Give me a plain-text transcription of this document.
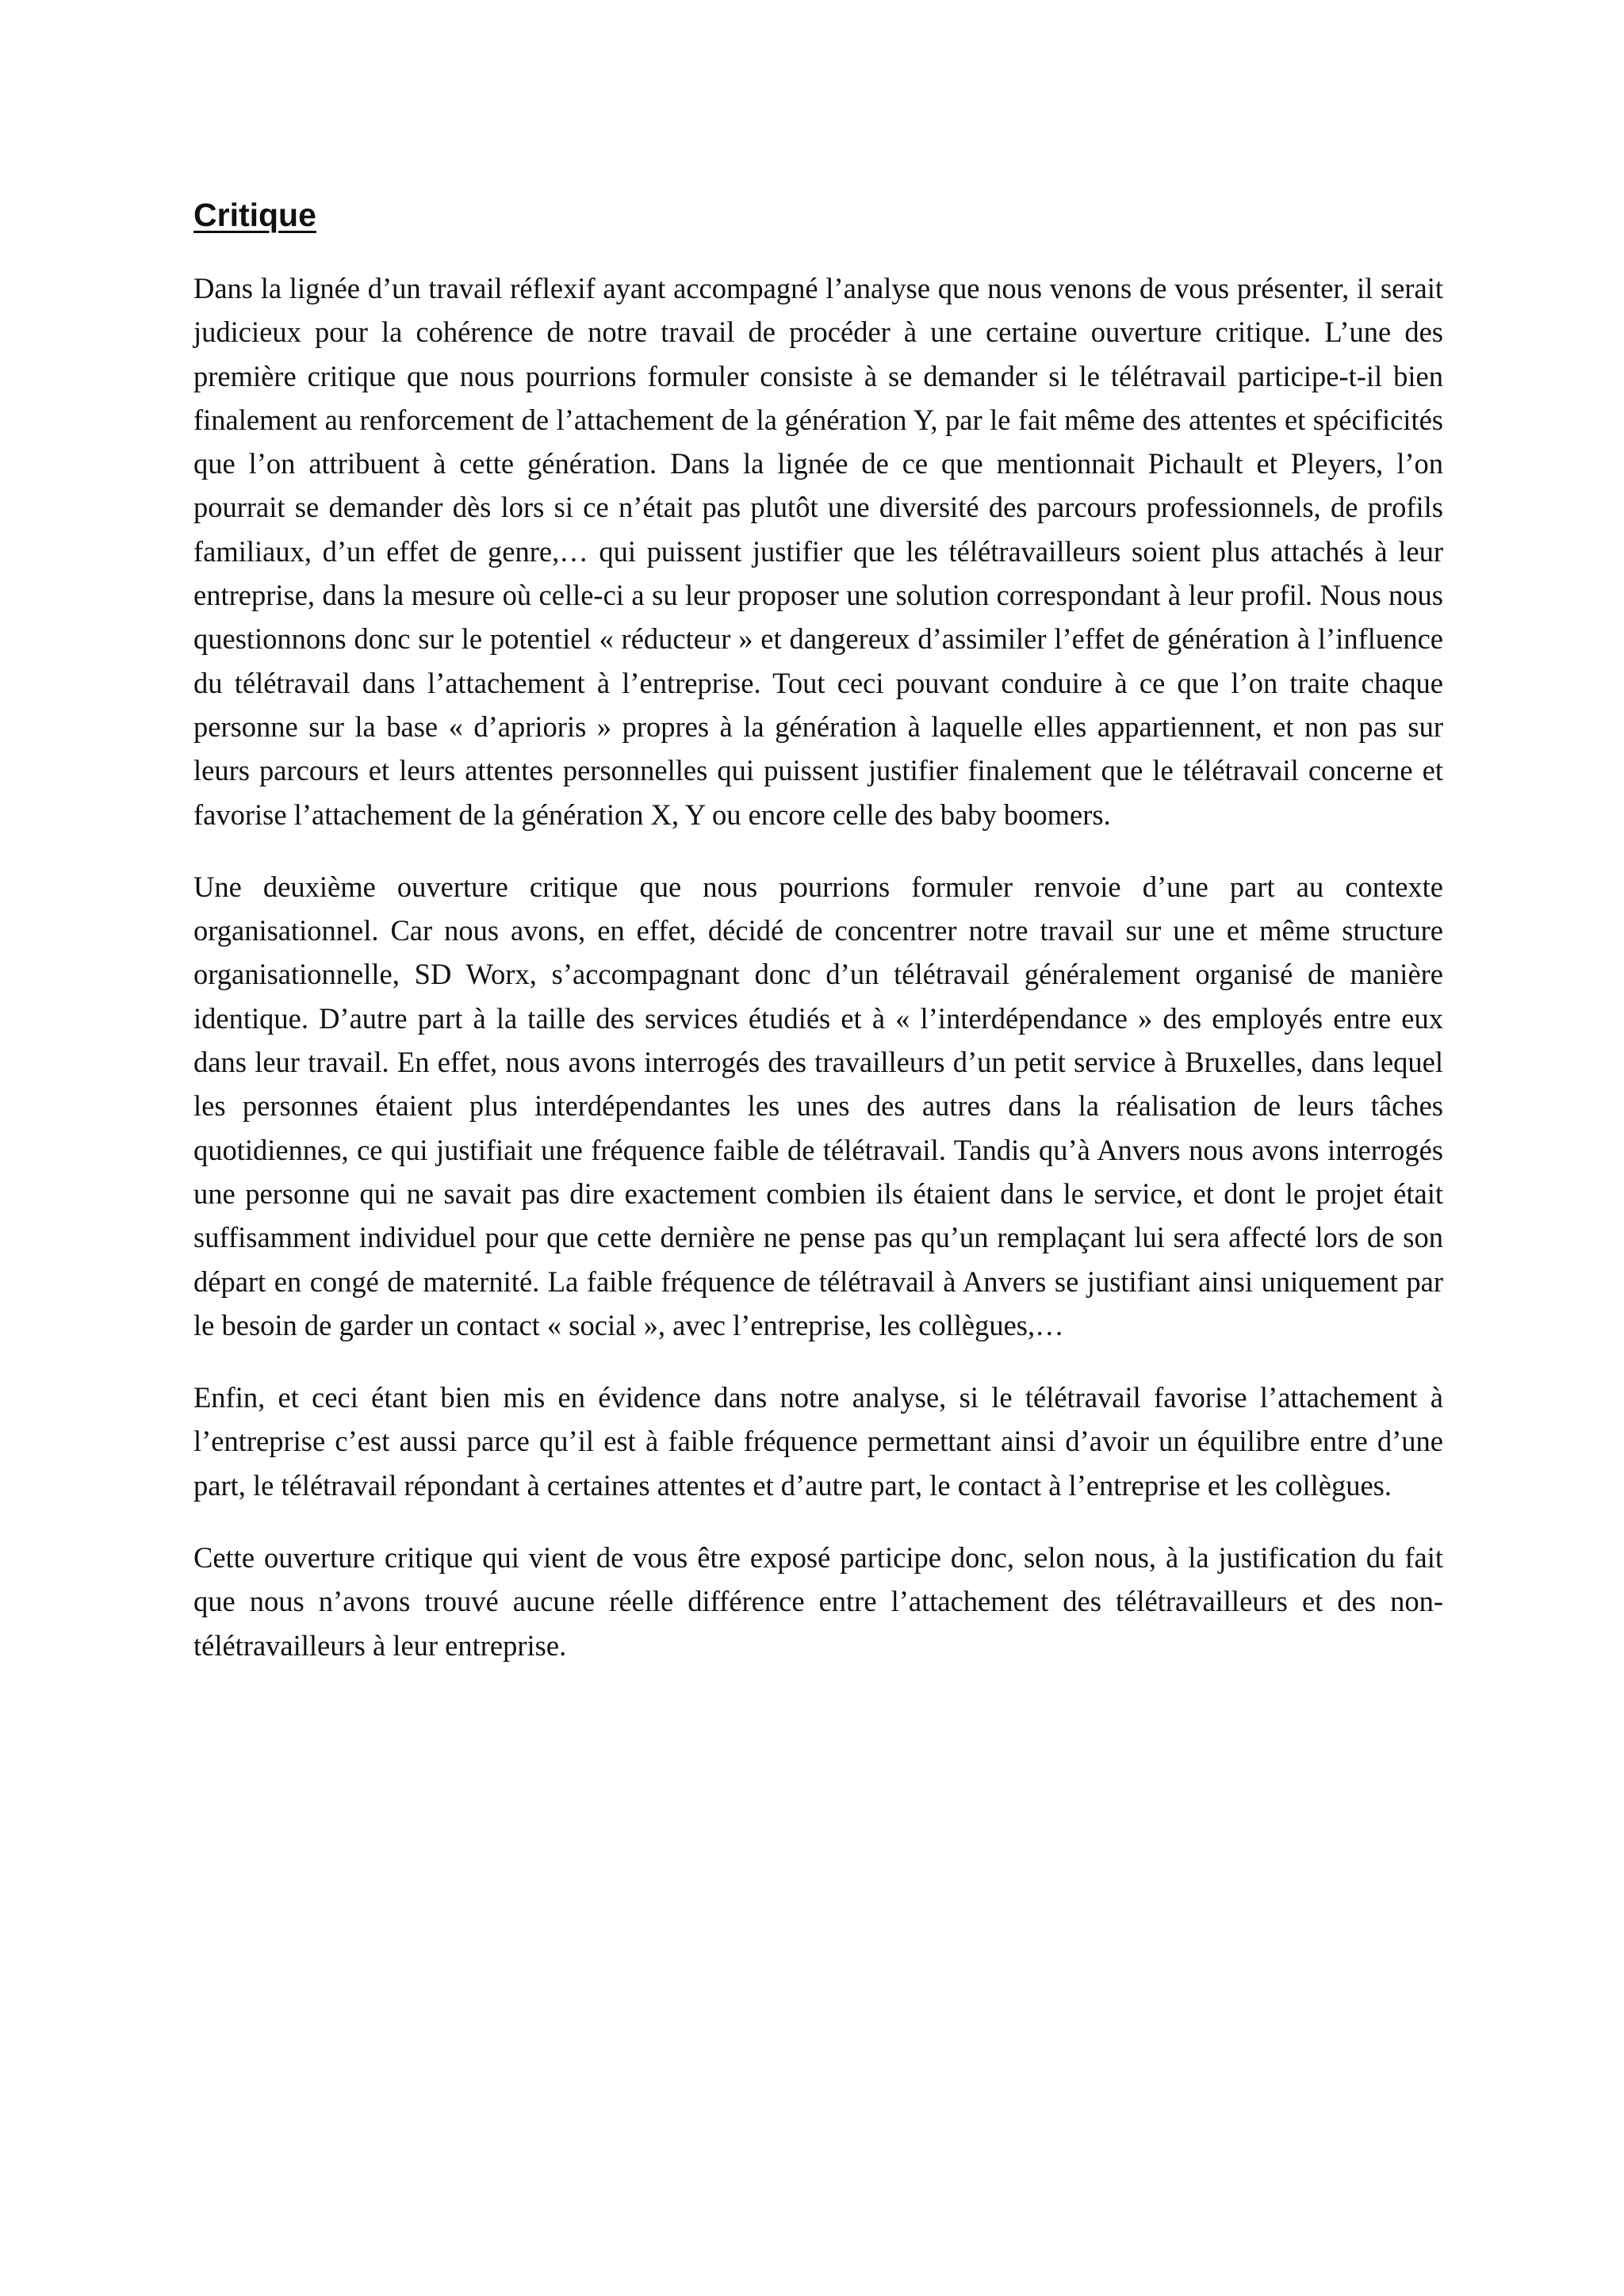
Critique

Dans la lignée d’un travail réflexif ayant accompagné l’analyse que nous venons de vous présenter, il serait judicieux pour la cohérence de notre travail de procéder à une certaine ouverture critique. L’une des première critique que nous pourrions formuler consiste à se demander si le télétravail participe-t-il bien finalement au renforcement de l’attachement de la génération Y, par le fait même des attentes et spécificités que l’on attribuent à cette génération. Dans la lignée de ce que mentionnait Pichault et Pleyers, l’on pourrait se demander dès lors si ce n’était pas plutôt une diversité des parcours professionnels, de profils familiaux, d’un effet de genre,… qui puissent justifier que les télétravailleurs soient plus attachés à leur entreprise, dans la mesure où celle-ci a su leur proposer une solution correspondant à leur profil. Nous nous questionnons donc sur le potentiel « réducteur » et dangereux d’assimiler l’effet de génération à l’influence du télétravail dans l’attachement à l’entreprise. Tout ceci pouvant conduire à ce que l’on traite chaque personne sur la base « d’aprioris » propres à la génération à laquelle elles appartiennent, et non pas sur leurs parcours et leurs attentes personnelles qui puissent justifier finalement que le télétravail concerne et favorise l’attachement de la génération X, Y ou encore celle des baby boomers.

Une deuxième ouverture critique que nous pourrions formuler renvoie d’une part au contexte organisationnel. Car nous avons, en effet, décidé de concentrer notre travail sur une et même structure organisationnelle, SD Worx, s’accompagnant donc d’un télétravail généralement organisé de manière identique. D’autre part à la taille des services étudiés et à « l’interdépendance » des employés entre eux dans leur travail. En effet, nous avons interrogés des travailleurs d’un petit service à Bruxelles, dans lequel les personnes étaient plus interdépendantes les unes des autres dans la réalisation de leurs tâches quotidiennes, ce qui justifiait une fréquence faible de télétravail. Tandis qu’à Anvers nous avons interrogés une personne qui ne savait pas dire exactement combien ils étaient dans le service, et dont le projet était suffisamment individuel pour que cette dernière ne pense pas qu’un remplaçant lui sera affecté lors de son départ en congé de maternité. La faible fréquence de télétravail à Anvers se justifiant ainsi uniquement par le besoin de garder un contact « social », avec l’entreprise, les collègues,…

Enfin, et ceci étant bien mis en évidence dans notre analyse, si le télétravail favorise l’attachement à l’entreprise c’est aussi parce qu’il est à faible fréquence permettant ainsi d’avoir un équilibre entre d’une part, le télétravail répondant à certaines attentes et d’autre part, le contact à l’entreprise et les collègues.

Cette ouverture critique qui vient de vous être exposé participe donc, selon nous, à la justification du fait que nous n’avons trouvé aucune réelle différence entre l’attachement des télétravailleurs et des non-télétravailleurs à leur entreprise.
